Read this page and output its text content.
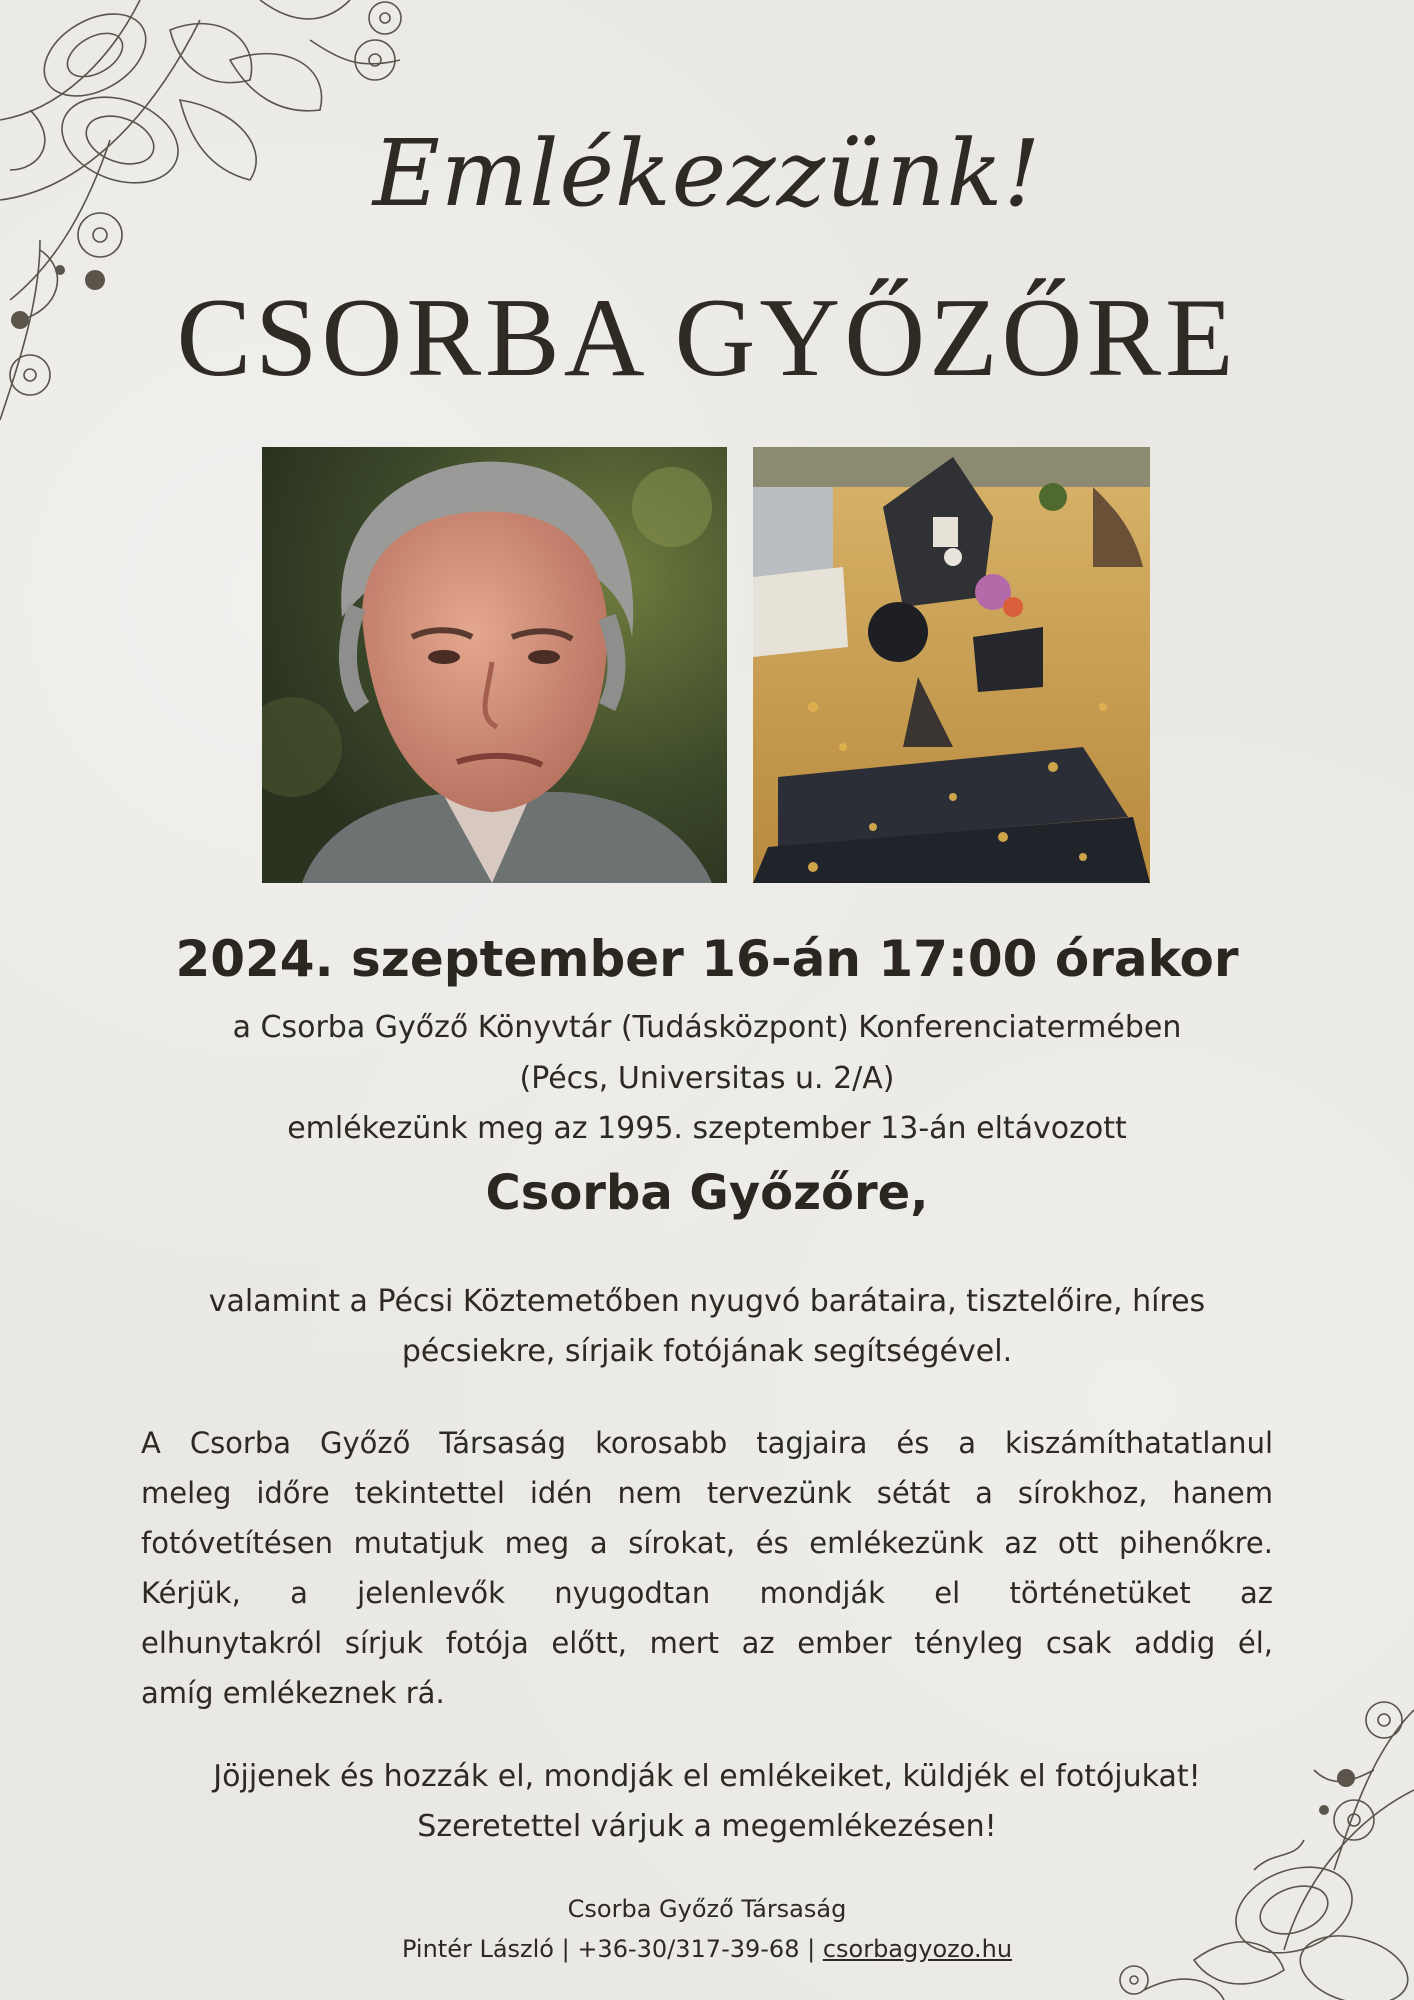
Emlékezzünk!
CSORBA GYŐZŐRE
2024. szeptember 16-án 17:00 órakor
a Csorba Győző Könyvtár (Tudásközpont) Konferenciatermében
(Pécs, Universitas u. 2/A)
emlékezünk meg az 1995. szeptember 13-án eltávozott
Csorba Győzőre,
valamint a Pécsi Köztemetőben nyugvó barátaira, tisztelőire, híres
pécsiekre, sírjaik fotójának segítségével.
A Csorba Győző Társaság korosabb tagjaira és a kiszámíthatatlanul
meleg időre tekintettel idén nem tervezünk sétát a sírokhoz, hanem
fotóvetítésen mutatjuk meg a sírokat, és emlékezünk az ott pihenőkre.
Kérjük, a jelenlevők nyugodtan mondják el történetüket az
elhunytakról sírjuk fotója előtt, mert az ember tényleg csak addig él,
amíg emlékeznek rá.
Jöjjenek és hozzák el, mondják el emlékeiket, küldjék el fotójukat!
Szeretettel várjuk a megemlékezésen!
Csorba Győző Társaság
Pintér László | +36-30/317-39-68 | csorbagyozo.hu
